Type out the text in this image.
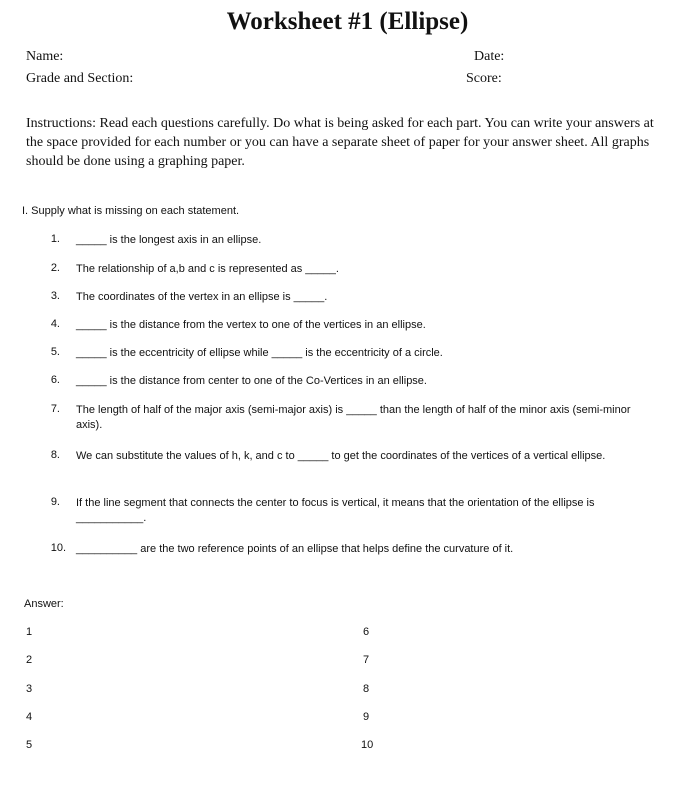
Worksheet #1 (Ellipse)
Name:	Date:
Grade and Section:	Score:
Instructions: Read each questions carefully. Do what is being asked for each part. You can write your answers at the space provided for each number or you can have a separate sheet of paper for your answer sheet. All graphs should be done using a graphing paper.
I. Supply what is missing on each statement.
1. _____ is the longest axis in an ellipse.
2. The relationship of a,b and c is represented as _____.
3. The coordinates of the vertex in an ellipse is _____.
4. _____ is the distance from the vertex to one of the vertices in an ellipse.
5. _____ is the eccentricity of ellipse while _____ is the eccentricity of a circle.
6. _____ is the distance from center to one of the Co-Vertices in an ellipse.
7. The length of half of the major axis (semi-major axis) is _____ than the length of half of the minor axis (semi-minor axis).
8. We can substitute the values of h, k, and c to _____ to get the coordinates of the vertices of a vertical ellipse.
9. If the line segment that connects the center to focus is vertical, it means that the orientation of the ellipse is ___________.
10. __________ are the two reference points of an ellipse that helps define the curvature of it.
Answer:
1
2
3
4
5
6
7
8
9
10
